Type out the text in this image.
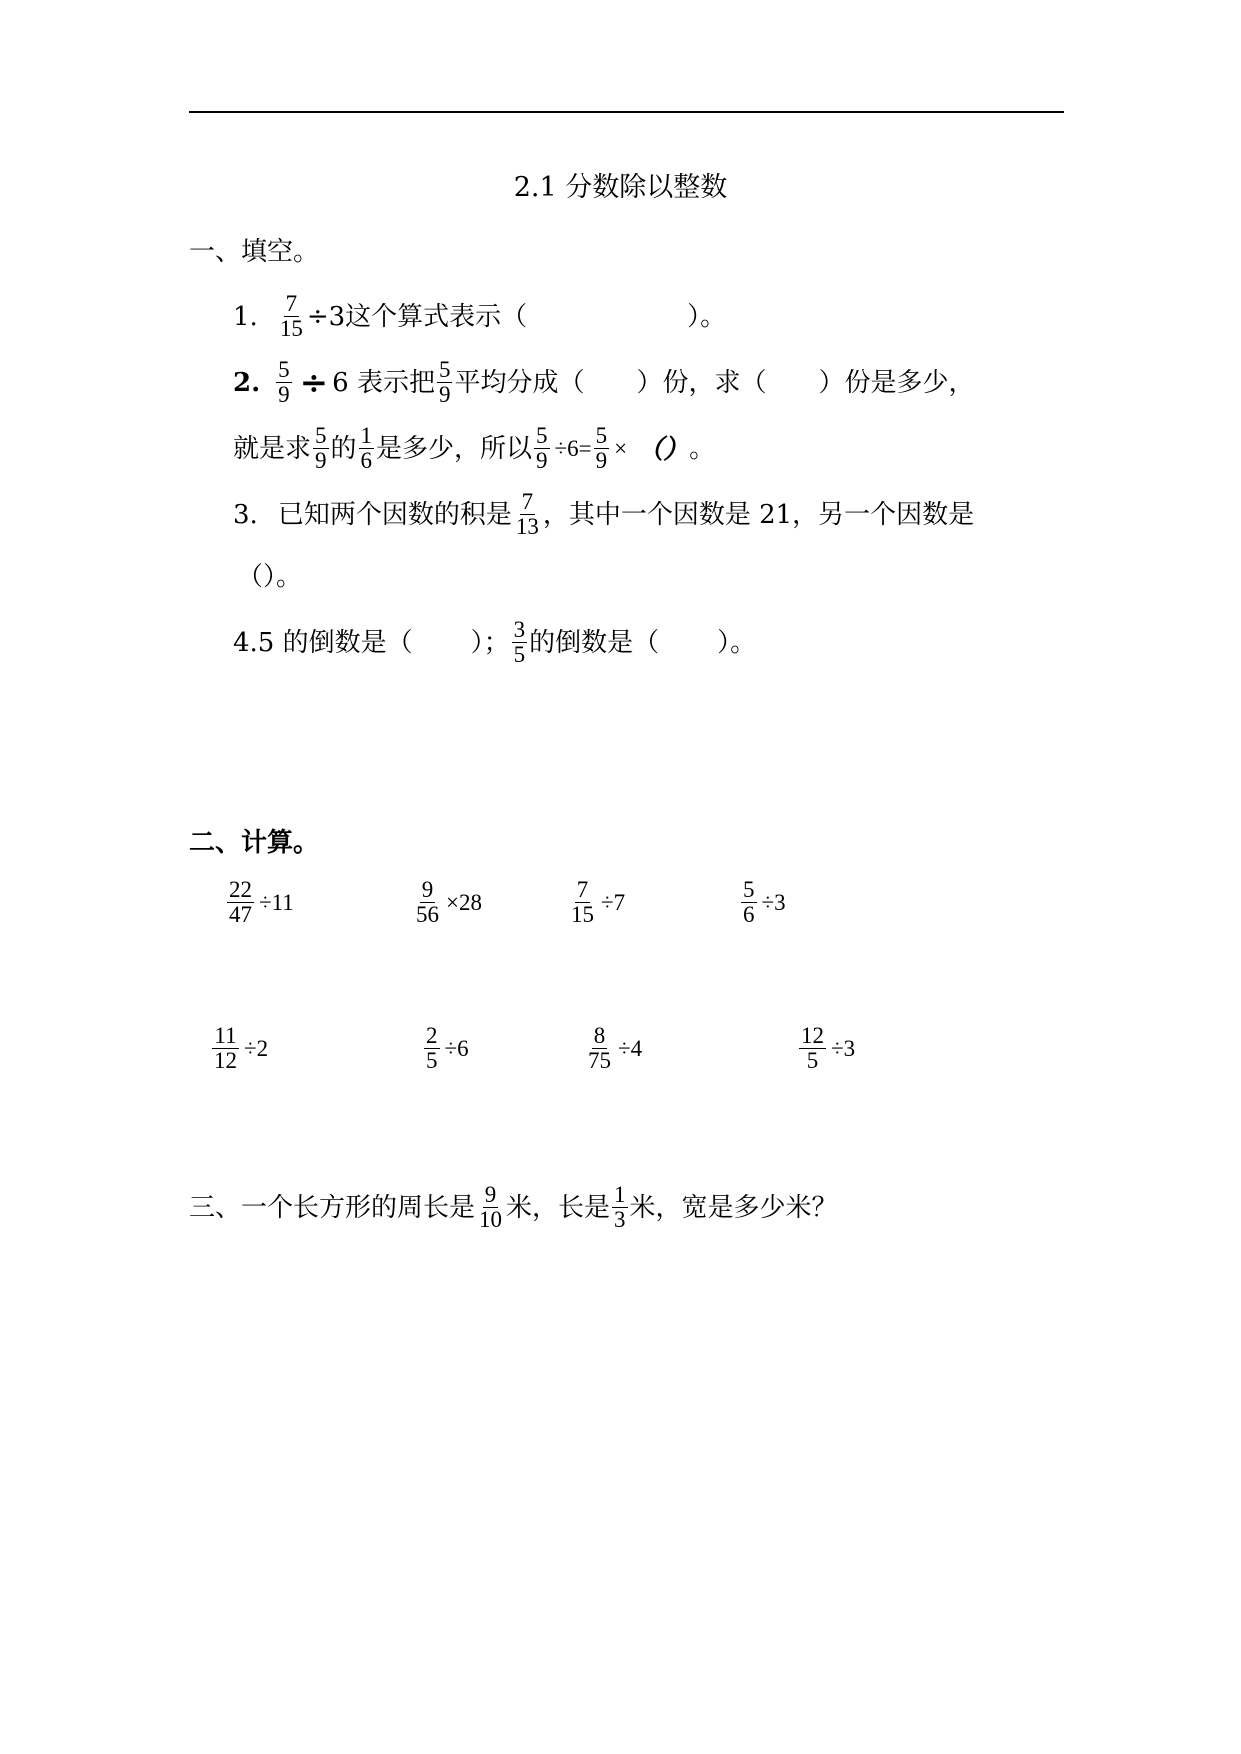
2.1 分数除以整数
一、填空。
1. $\frac{7}{15} \div 3$这个算式表示（	）。
2. $\frac{5}{9} \div 6$ 表示把 $\frac{5}{9}$ 平均分成（ ）份，求（ ）份是多少，
就是求 $\frac{5}{9}$ 的 $\frac{1}{6}$ 是多少，所以 $\frac{5}{9} \div 6= \frac{5}{9}$ × （） 。
3. 已知两个因数的积是 $\frac{7}{13}$ ，其中一个因数是 21，另一个因数是
（）。
4.5 的倒数是（ ）； $\frac{3}{5}$ 的倒数是（ ）。
二、计算。
$\frac{22}{47} \div 11$	$\frac{9}{56} \times 28$	$\frac{7}{15} \div 7$	$\frac{5}{6} \div 3$
$\frac{11}{12} \div 2$	$\frac{2}{5} \div 6$	$\frac{8}{75} \div 4$	$\frac{12}{5} \div 3$
三、一个长方形的周长是 $\frac{9}{10}$ 米，长是 $\frac{1}{3}$ 米，宽是多少米？
